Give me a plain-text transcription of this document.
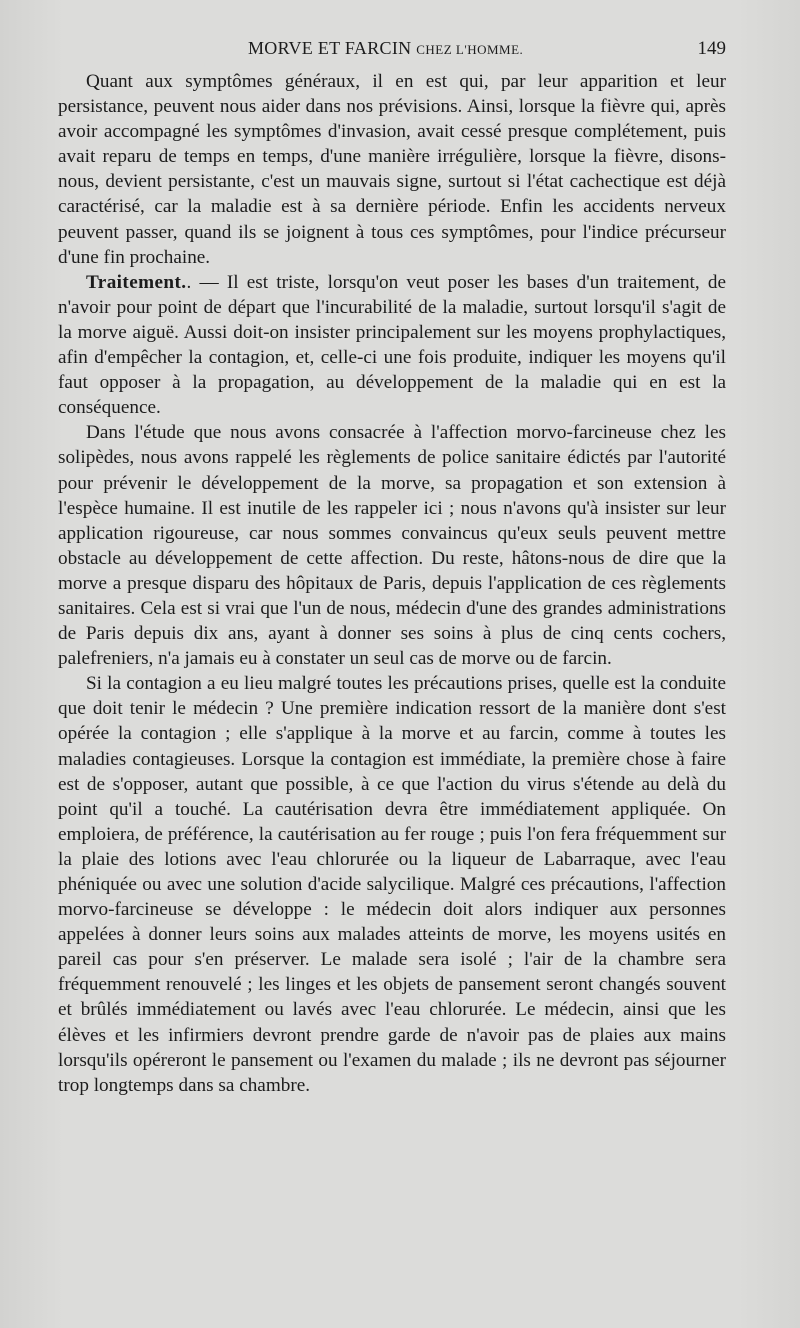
MORVE ET FARCIN CHEZ L'HOMME.	149

Quant aux symptômes généraux, il en est qui, par leur apparition et leur persistance, peuvent nous aider dans nos prévisions. Ainsi, lorsque la fièvre qui, après avoir accompagné les symptômes d'invasion, avait cessé presque complétement, puis avait reparu de temps en temps, d'une manière irrégulière, lorsque la fièvre, disons-nous, devient persistante, c'est un mauvais signe, surtout si l'état cachectique est déjà caractérisé, car la maladie est à sa dernière période. Enfin les accidents nerveux peuvent passer, quand ils se joignent à tous ces symptômes, pour l'indice précurseur d'une fin prochaine.

Traitement.. — Il est triste, lorsqu'on veut poser les bases d'un traitement, de n'avoir pour point de départ que l'incurabilité de la maladie, surtout lorsqu'il s'agit de la morve aiguë. Aussi doit-on insister principalement sur les moyens prophylactiques, afin d'empêcher la contagion, et, celle-ci une fois produite, indiquer les moyens qu'il faut opposer à la propagation, au développement de la maladie qui en est la conséquence.

Dans l'étude que nous avons consacrée à l'affection morvo-farcineuse chez les solipèdes, nous avons rappelé les règlements de police sanitaire édictés par l'autorité pour prévenir le développement de la morve, sa propagation et son extension à l'espèce humaine. Il est inutile de les rappeler ici ; nous n'avons qu'à insister sur leur application rigoureuse, car nous sommes convaincus qu'eux seuls peuvent mettre obstacle au développement de cette affection. Du reste, hâtons-nous de dire que la morve a presque disparu des hôpitaux de Paris, depuis l'application de ces règlements sanitaires. Cela est si vrai que l'un de nous, médecin d'une des grandes administrations de Paris depuis dix ans, ayant à donner ses soins à plus de cinq cents cochers, palefreniers, n'a jamais eu à constater un seul cas de morve ou de farcin.

Si la contagion a eu lieu malgré toutes les précautions prises, quelle est la conduite que doit tenir le médecin ? Une première indication ressort de la manière dont s'est opérée la contagion ; elle s'applique à la morve et au farcin, comme à toutes les maladies contagieuses. Lorsque la contagion est immédiate, la première chose à faire est de s'opposer, autant que possible, à ce que l'action du virus s'étende au delà du point qu'il a touché. La cautérisation devra être immédiatement appliquée. On emploiera, de préférence, la cautérisation au fer rouge ; puis l'on fera fréquemment sur la plaie des lotions avec l'eau chlorurée ou la liqueur de Labarraque, avec l'eau phéniquée ou avec une solution d'acide salycilique. Malgré ces précautions, l'affection morvo-farcineuse se développe : le médecin doit alors indiquer aux personnes appelées à donner leurs soins aux malades atteints de morve, les moyens usités en pareil cas pour s'en préserver. Le malade sera isolé ; l'air de la chambre sera fréquemment renouvelé ; les linges et les objets de pansement seront changés souvent et brûlés immédiatement ou lavés avec l'eau chlorurée. Le médecin, ainsi que les élèves et les infirmiers devront prendre garde de n'avoir pas de plaies aux mains lorsqu'ils opéreront le pansement ou l'examen du malade ; ils ne devront pas séjourner trop longtemps dans sa chambre.
